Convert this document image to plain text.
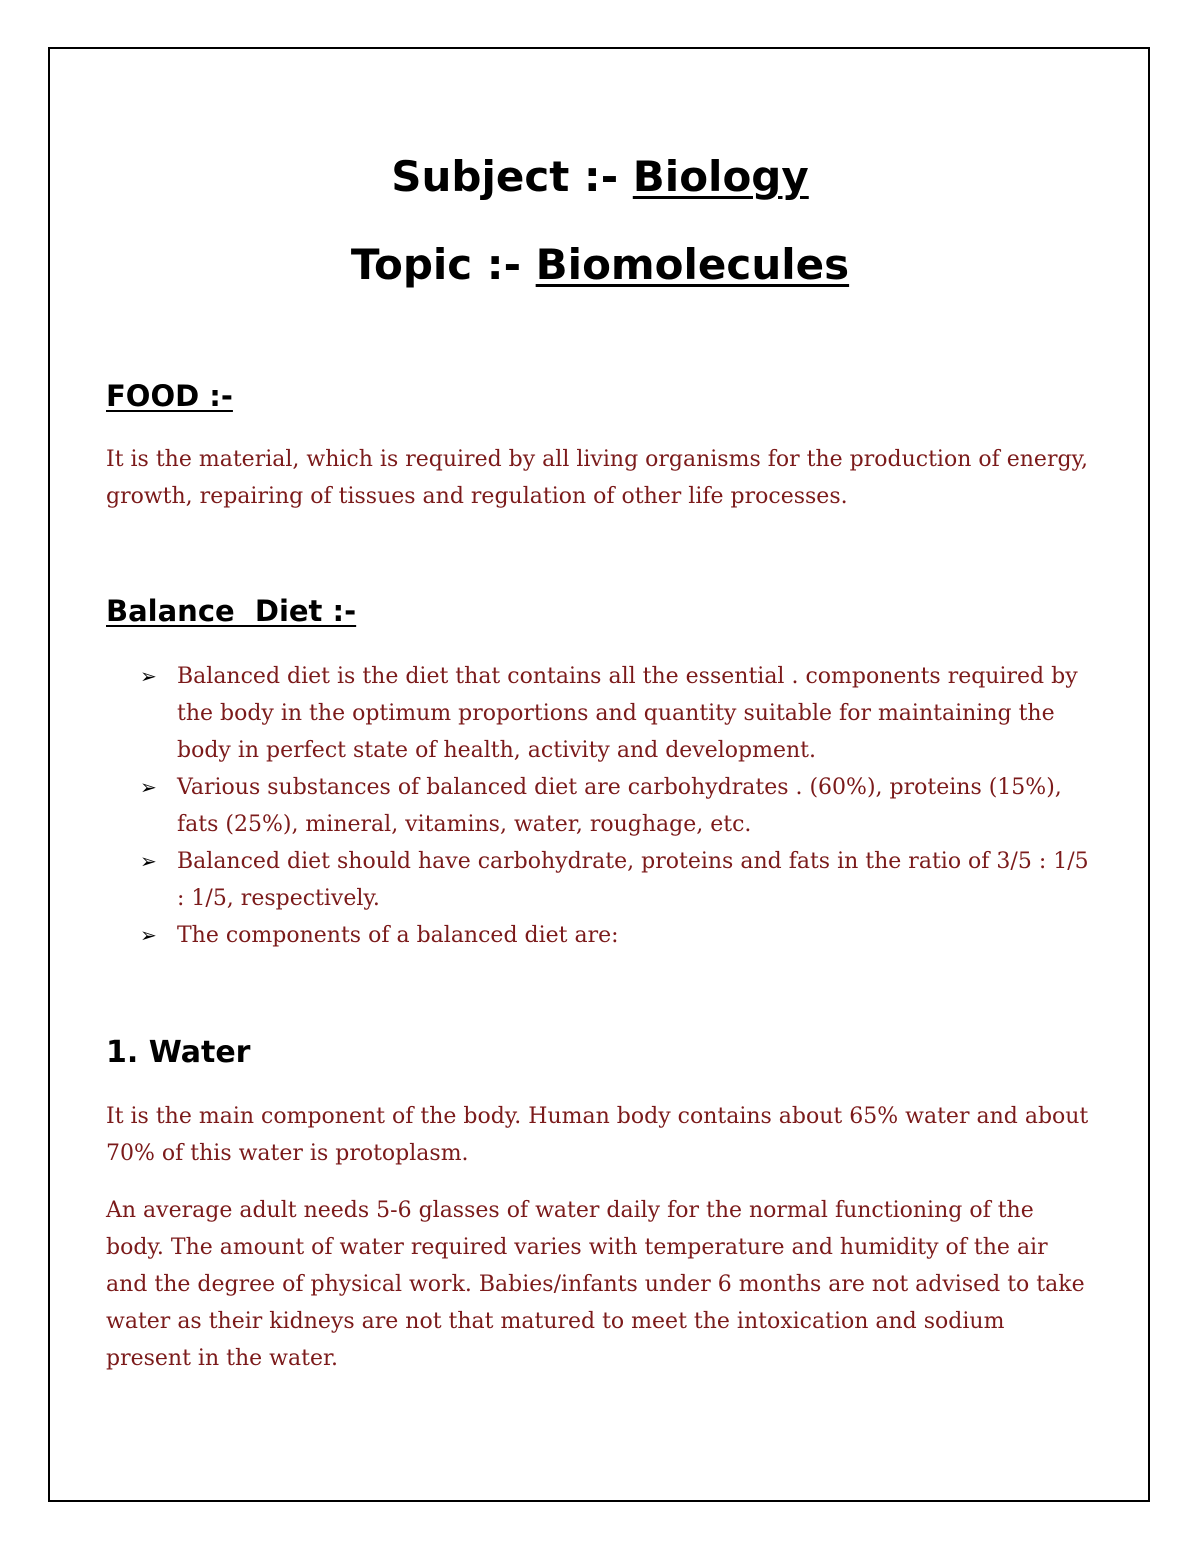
Subject :- Biology
Topic :- Biomolecules
FOOD :-

It is the material, which is required by all living organisms for the production of energy, growth, repairing of tissues and regulation of other life processes.

Balance  Diet :-
➢ Balanced diet is the diet that contains all the essential . components required by the body in the optimum proportions and quantity suitable for maintaining the body in perfect state of health, activity and development.
➢ Various substances of balanced diet are carbohydrates . (60%), proteins (15%), fats (25%), mineral, vitamins, water, roughage, etc.
➢ Balanced diet should have carbohydrate, proteins and fats in the ratio of 3/5 : 1/5 : 1/5, respectively.
➢ The components of a balanced diet are:
1. Water

It is the main component of the body. Human body contains about 65% water and about 70% of this water is protoplasm.

An average adult needs 5-6 glasses of water daily for the normal functioning of the body. The amount of water required varies with temperature and humidity of the air and the degree of physical work. Babies/infants under 6 months are not advised to take water as their kidneys are not that matured to meet the intoxication and sodium present in the water.
